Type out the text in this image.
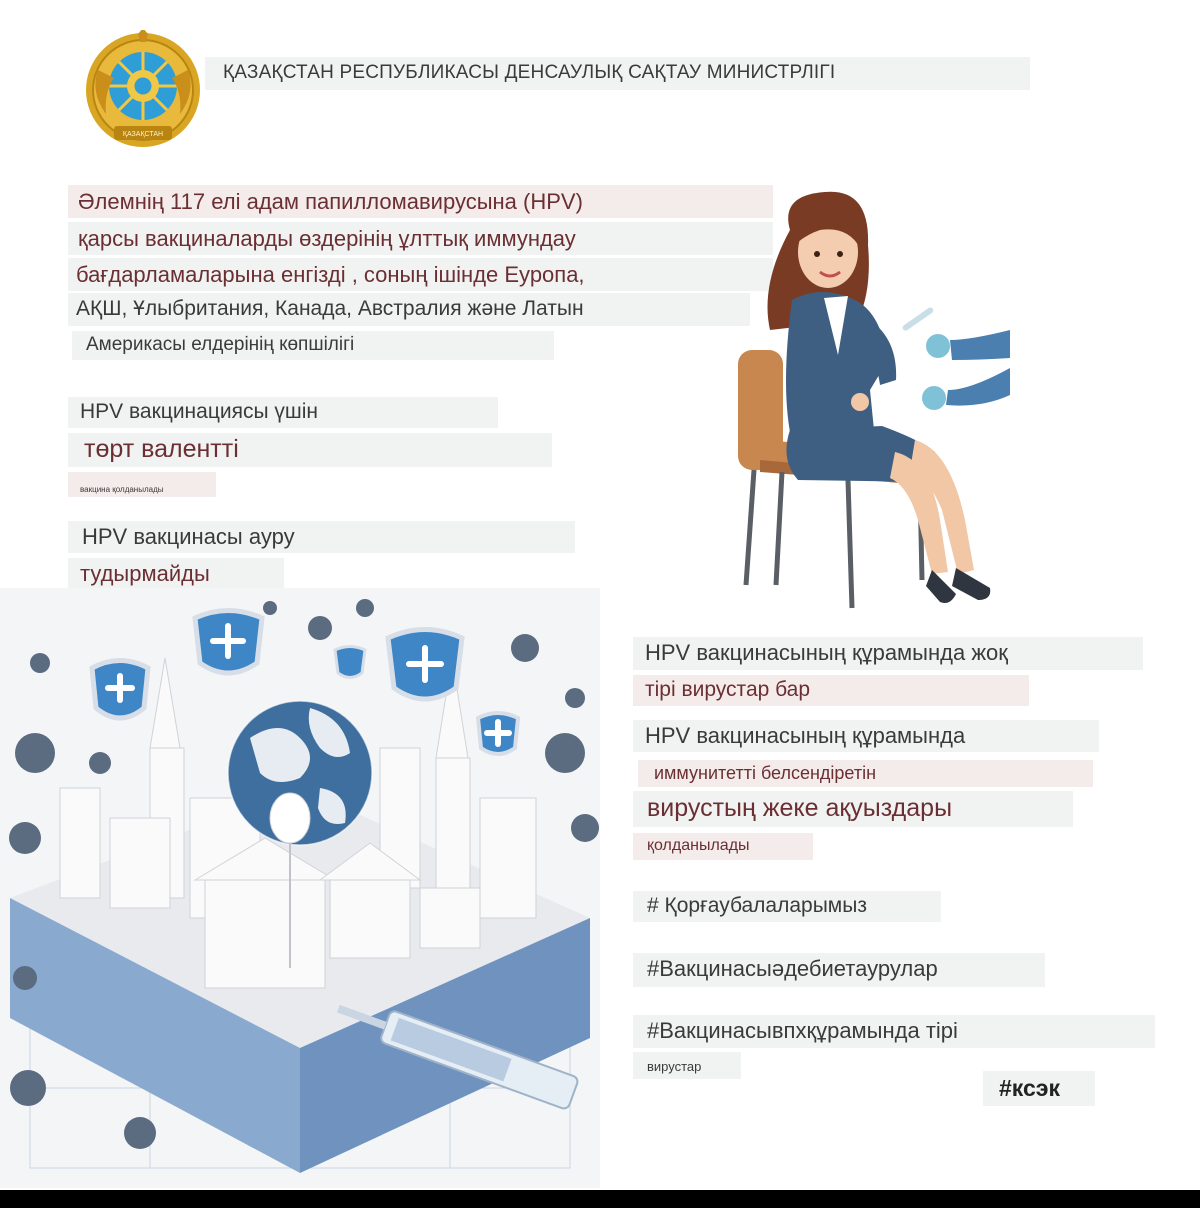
ҚАЗАҚСТАН
ҚАЗАҚСТАН РЕСПУБЛИКАСЫ ДЕНСАУЛЫҚ САҚТАУ МИНИСТРЛІГІ
Әлемнің 117 елі адам папилломавирусына (HPV)
қарсы вакциналарды өздерінің ұлттық иммундау
бағдарламаларына енгізді , соның ішінде Еуропа,
АҚШ, Ұлыбритания, Канада, Австралия және Латын
Америкасы елдерінің көпшілігі
HPV вакцинациясы үшін
төрт валентті
вакцина қолданылады
HPV вакцинасы ауру
тудырмайды
HPV вакцинасының құрамында жоқ
тірі вирустар бар
HPV вакцинасының құрамында
иммунитетті белсендіретін
вирустың жеке ақуыздары
қолданылады
# Қорғаубалаларымыз
#Вакцинасыәдебиетаурулар
#Вакцинасывпхқұрамында тірі
вирустар
#ксэк
